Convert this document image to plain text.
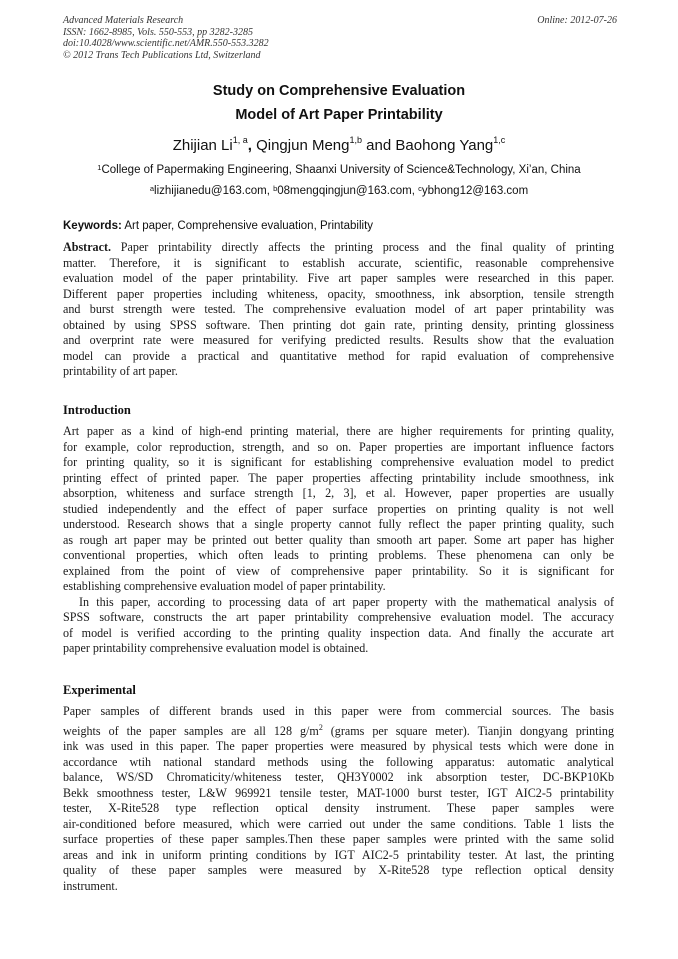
Advanced Materials Research
ISSN: 1662-8985, Vols. 550-553, pp 3282-3285
doi:10.4028/www.scientific.net/AMR.550-553.3282
© 2012 Trans Tech Publications Ltd, Switzerland
Online: 2012-07-26
Study on Comprehensive Evaluation
Model of Art Paper Printability
Zhijian Li$^{1, a}$, Qingjun Meng$^{1,b}$ and Baohong Yang$^{1,c}$
$^1$College of Papermaking Engineering, Shaanxi University of Science&Technology, Xi’an, China
$^a$lizhijianedu@163.com, $^b$08mengqingjun@163.com, $^c$ybhong12@163.com
Keywords: Art paper, Comprehensive evaluation, Printability
Abstract. Paper printability directly affects the printing process and the final quality of printing
matter. Therefore, it is significant to establish accurate, scientific, reasonable comprehensive
evaluation model of the paper printability. Five art paper samples were researched in this paper.
Different paper properties including whiteness, opacity, smoothness, ink absorption, tensile strength
and burst strength were tested. The comprehensive evaluation model of art paper printability was
obtained by using SPSS software. Then printing dot gain rate, printing density, printing glossiness
and overprint rate were measured for verifying predicted results. Results show that the evaluation
model can provide a practical and quantitative method for rapid evaluation of comprehensive
printability of art paper.
Introduction
Art paper as a kind of high-end printing material, there are higher requirements for printing quality,
for example, color reproduction, strength, and so on. Paper properties are important influence factors
for printing quality, so it is significant for establishing comprehensive evaluation model to predict
printing effect of printed paper. The paper properties affecting printability include smoothness, ink
absorption, whiteness and surface strength [1, 2, 3], et al. However, paper properties are usually
studied independently and the effect of paper surface properties on printing quality is not well
understood. Research shows that a single property cannot fully reflect the paper printing quality, such
as rough art paper may be printed out better quality than smooth art paper. Some art paper has higher
conventional properties, which often leads to printing problems. These phenomena can only be
explained from the point of view of comprehensive paper printability. So it is significant for
establishing comprehensive evaluation model of paper printability.
In this paper, according to processing data of art paper property with the mathematical analysis of
SPSS software, constructs the art paper printability comprehensive evaluation model. The accuracy
of model is verified according to the printing quality inspection data. And finally the accurate art
paper printability comprehensive evaluation model is obtained.
Experimental
Paper samples of different brands used in this paper were from commercial sources. The basis
weights of the paper samples are all 128 $g/m^2$ (grams per square meter). Tianjin dongyang printing
ink was used in this paper. The paper properties were measured by physical tests which were done in
accordance wtih national standard methods using the following apparatus: automatic analytical
balance, WS/SD Chromaticity/whiteness tester, QH3Y0002 ink absorption tester, DC-BKP10Kb
Bekk smoothness tester, L&W 969921 tensile tester, MAT-1000 burst tester, IGT AIC2-5 printability
tester, X-Rite528 type reflection optical density instrument. These paper samples were
air-conditioned before measured, which were carried out under the same conditions. Table 1 lists the
surface properties of these paper samples.Then these paper samples were printed with the same solid
areas and ink in uniform printing conditions by IGT AIC2-5 printability tester. At last, the printing
quality of these paper samples were measured by X-Rite528 type reflection optical density
instrument.
